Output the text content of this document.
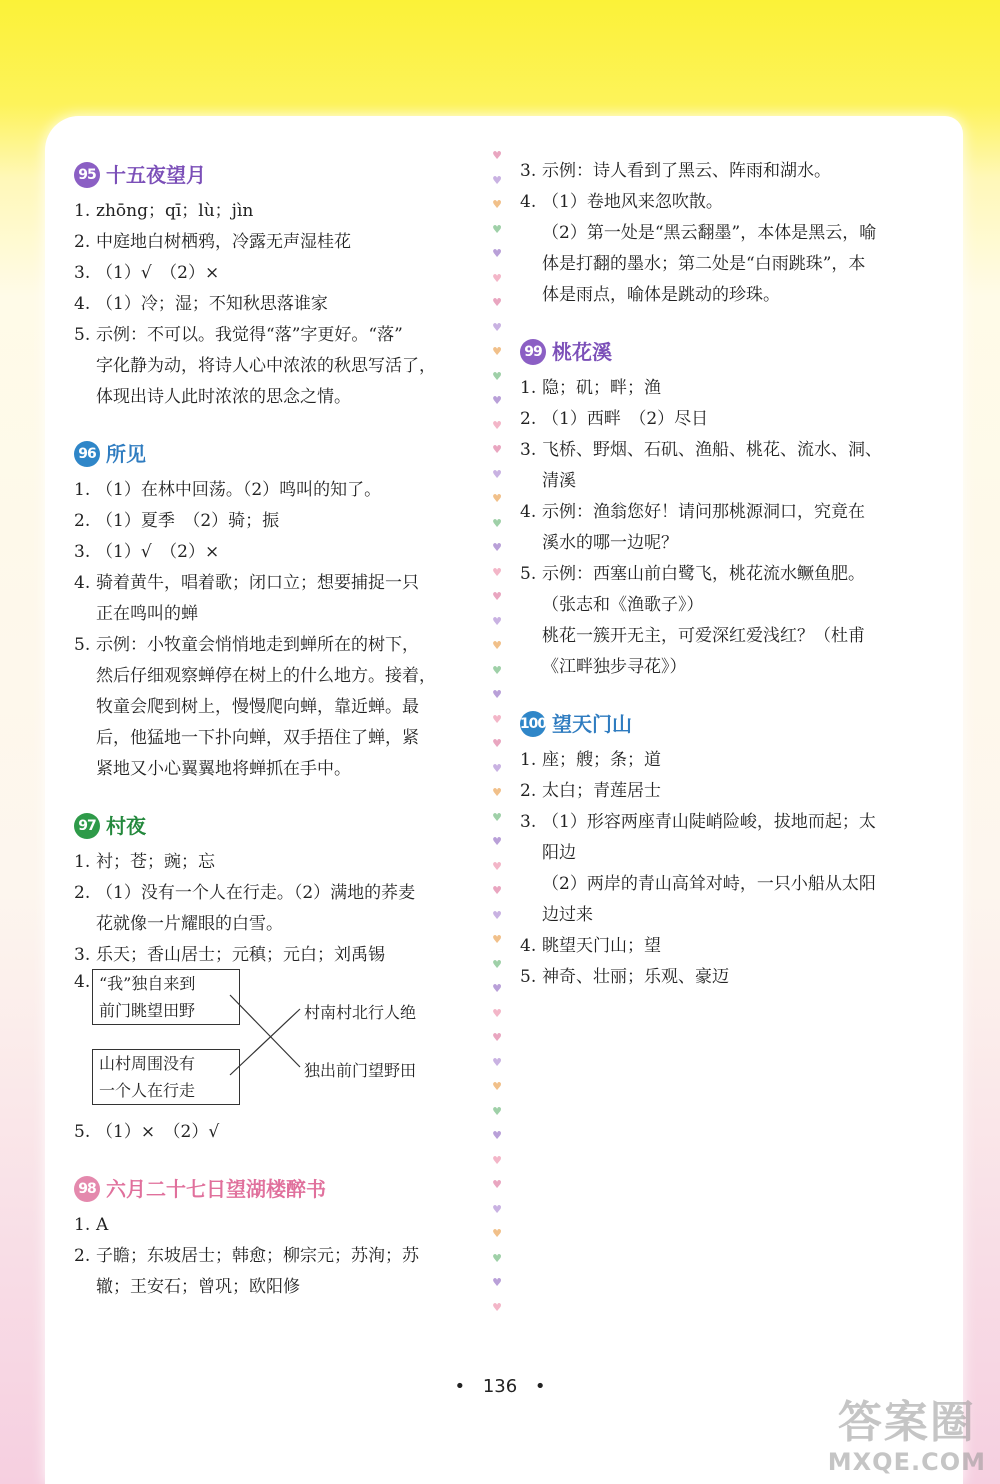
♥
♥
♥
♥
♥
♥
♥
♥
♥
♥
♥
♥
♥
♥
♥
♥
♥
♥
♥
♥
♥
♥
♥
♥
♥
♥
♥
♥
♥
♥
♥
♥
♥
♥
♥
♥
♥
♥
♥
♥
♥
♥
♥
♥
♥
♥
♥
♥
95 十五夜望月
1. zhōng；qī；lù；jìn
2. 中庭地白树栖鸦，冷露无声湿桂花
3. （1）√　（2）×
4. （1）冷；湿；不知秋思落谁家
5. 示例：不可以。我觉得“落”字更好。“落”
字化静为动，将诗人心中浓浓的秋思写活了，
体现出诗人此时浓浓的思念之情。
96 所见
1. （1）在林中回荡。（2）鸣叫的知了。
2. （1）夏季　（2）骑；振
3. （1）√　（2）×
4. 骑着黄牛，唱着歌；闭口立；想要捕捉一只
正在鸣叫的蝉
5. 示例：小牧童会悄悄地走到蝉所在的树下，
然后仔细观察蝉停在树上的什么地方。接着，
牧童会爬到树上，慢慢爬向蝉，靠近蝉。最
后，他猛地一下扑向蝉，双手捂住了蝉，紧
紧地又小心翼翼地将蝉抓在手中。
97 村夜
1. 衬；苍；豌；忘
2. （1）没有一个人在行走。（2）满地的荞麦
花就像一片耀眼的白雪。
3. 乐天；香山居士；元稹；元白；刘禹锡
4. “我”独自来到
前门眺望田野
山村周围没有
一个人在行走
村南村北行人绝
独出前门望野田
5. （1）×　（2）√
98 六月二十七日望湖楼醉书
1. A
2. 子瞻；东坡居士；韩愈；柳宗元；苏洵；苏
辙；王安石；曾巩；欧阳修
3. 示例：诗人看到了黑云、阵雨和湖水。
4. （1）卷地风来忽吹散。
（2）第一处是“黑云翻墨”，本体是黑云，喻
体是打翻的墨水；第二处是“白雨跳珠”，本
体是雨点，喻体是跳动的珍珠。
99 桃花溪
1. 隐；矶；畔；渔
2. （1）西畔　（2）尽日
3. 飞桥、野烟、石矶、渔船、桃花、流水、洞、
清溪
4. 示例：渔翁您好！请问那桃源洞口，究竟在
溪水的哪一边呢？
5. 示例：西塞山前白鹭飞，桃花流水鳜鱼肥。
（张志和《渔歌子》）
桃花一簇开无主，可爱深红爱浅红？（杜甫
《江畔独步寻花》）
100 望天门山
1. 座；艘；条；道
2. 太白；青莲居士
3. （1）形容两座青山陡峭险峻，拔地而起；太
阳边
（2）两岸的青山高耸对峙，一只小船从太阳
边过来
4. 眺望天门山；望
5. 神奇、壮丽；乐观、豪迈
• 136 •
答案圈
MXQE.COM
